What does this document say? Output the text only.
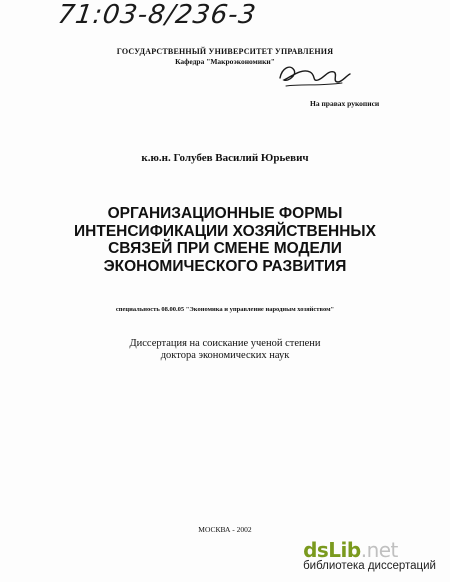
71:03-8/236-3
ГОСУДАРСТВЕННЫЙ УНИВЕРСИТЕТ УПРАВЛЕНИЯ
Кафедра "Макроэкономики"
На правах рукописи
к.ю.н. Голубев Василий Юрьевич
ОРГАНИЗАЦИОННЫЕ ФОРМЫ
ИНТЕНСИФИКАЦИИ ХОЗЯЙСТВЕННЫХ
СВЯЗЕЙ ПРИ СМЕНЕ МОДЕЛИ
ЭКОНОМИЧЕСКОГО РАЗВИТИЯ
специальность 08.00.05 "Экономика и управление народным хозяйством"
Диссертация на соискание ученой степени
доктора экономических наук
МОСКВА - 2002
dsLib.net
библиотека диссертаций
